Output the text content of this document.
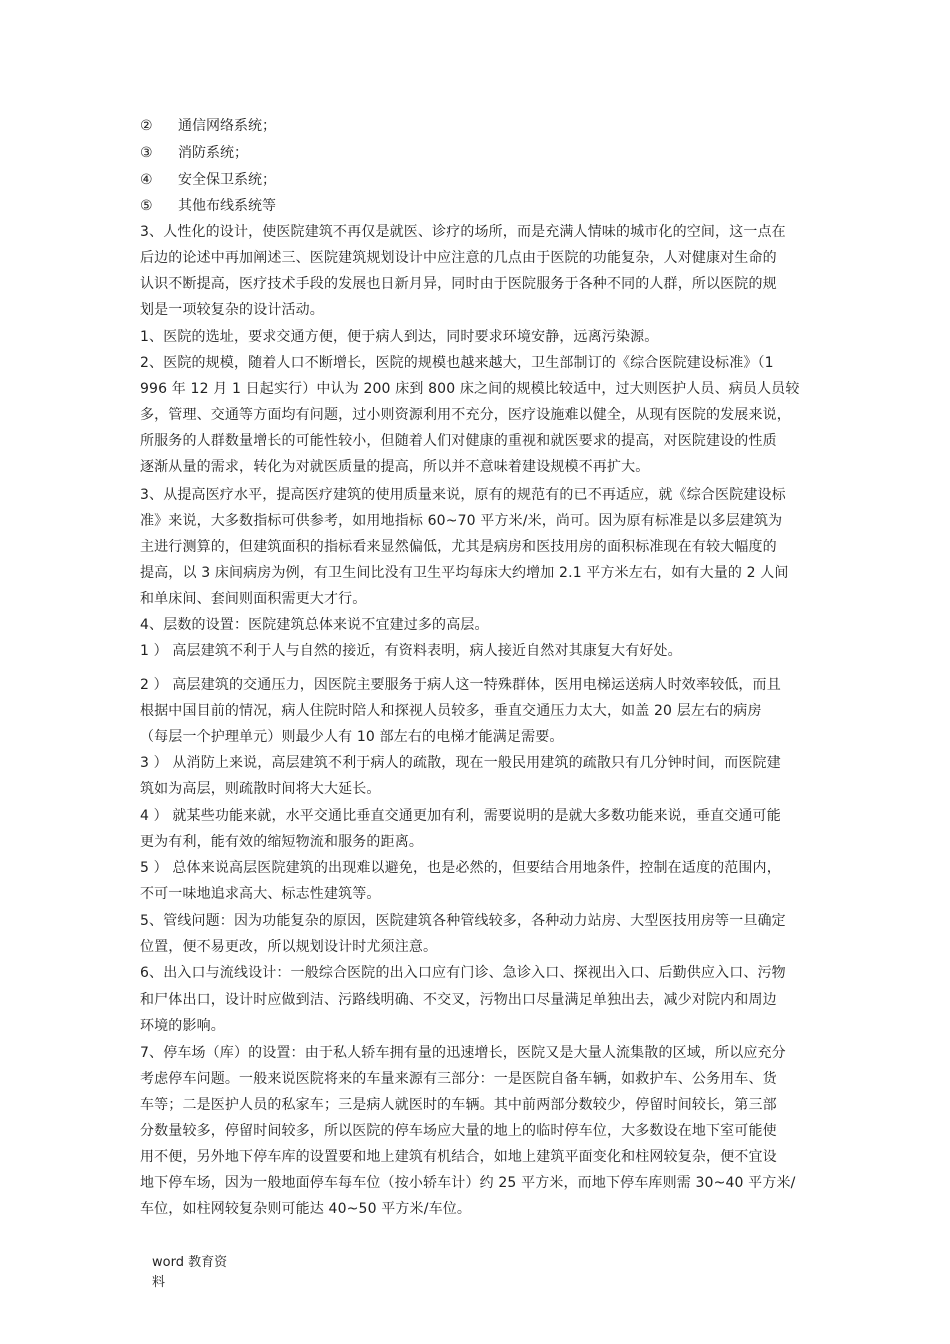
② 通信网络系统；
③ 消防系统；
④ 安全保卫系统；
⑤ 其他布线系统等
3、人性化的设计，使医院建筑不再仅是就医、诊疗的场所，而是充满人情味的城市化的空间，这一点在
后边的论述中再加阐述三、医院建筑规划设计中应注意的几点由于医院的功能复杂，人对健康对生命的
认识不断提高，医疗技术手段的发展也日新月异，同时由于医院服务于各种不同的人群，所以医院的规
划是一项较复杂的设计活动。
1、医院的选址，要求交通方便，便于病人到达，同时要求环境安静，远离污染源。
2、医院的规模，随着人口不断增长，医院的规模也越来越大，卫生部制订的《综合医院建设标准》（1
996 年 12 月 1 日起实行）中认为 200 床到 800 床之间的规模比较适中，过大则医护人员、病员人员较
多，管理、交通等方面均有问题，过小则资源利用不充分，医疗设施难以健全，从现有医院的发展来说，
所服务的人群数量增长的可能性较小，但随着人们对健康的重视和就医要求的提高，对医院建设的性质
逐渐从量的需求，转化为对就医质量的提高，所以并不意味着建设规模不再扩大。
3、从提高医疗水平，提高医疗建筑的使用质量来说，原有的规范有的已不再适应，就《综合医院建设标
准》来说，大多数指标可供参考，如用地指标 60~70 平方米/米，尚可。因为原有标准是以多层建筑为
主进行测算的，但建筑面积的指标看来显然偏低，尤其是病房和医技用房的面积标准现在有较大幅度的
提高，以 3 床间病房为例，有卫生间比没有卫生平均每床大约增加 2.1 平方米左右，如有大量的 2 人间
和单床间、套间则面积需更大才行。
4、层数的设置：医院建筑总体来说不宜建过多的高层。
1 ） 高层建筑不利于人与自然的接近，有资料表明，病人接近自然对其康复大有好处。
2 ） 高层建筑的交通压力，因医院主要服务于病人这一特殊群体，医用电梯运送病人时效率较低，而且
根据中国目前的情况，病人住院时陪人和探视人员较多，垂直交通压力太大，如盖 20 层左右的病房
（每层一个护理单元）则最少人有 10 部左右的电梯才能满足需要。
3 ） 从消防上来说，高层建筑不利于病人的疏散，现在一般民用建筑的疏散只有几分钟时间，而医院建
筑如为高层，则疏散时间将大大延长。
4 ） 就某些功能来就，水平交通比垂直交通更加有利，需要说明的是就大多数功能来说，垂直交通可能
更为有利，能有效的缩短物流和服务的距离。
5 ） 总体来说高层医院建筑的出现难以避免，也是必然的，但要结合用地条件，控制在适度的范围内，
不可一味地追求高大、标志性建筑等。
5、管线问题：因为功能复杂的原因，医院建筑各种管线较多，各种动力站房、大型医技用房等一旦确定
位置，便不易更改，所以规划设计时尤须注意。
6、出入口与流线设计：一般综合医院的出入口应有门诊、急诊入口、探视出入口、后勤供应入口、污物
和尸体出口，设计时应做到洁、污路线明确、不交叉，污物出口尽量满足单独出去，减少对院内和周边
环境的影响。
7、停车场（库）的设置：由于私人轿车拥有量的迅速增长，医院又是大量人流集散的区域，所以应充分
考虑停车问题。一般来说医院将来的车量来源有三部分：一是医院自备车辆，如救护车、公务用车、货
车等；二是医护人员的私家车；三是病人就医时的车辆。其中前两部分数较少，停留时间较长，第三部
分数量较多，停留时间较多，所以医院的停车场应大量的地上的临时停车位，大多数设在地下室可能使
用不便，另外地下停车库的设置要和地上建筑有机结合，如地上建筑平面变化和柱网较复杂，便不宜设
地下停车场，因为一般地面停车每车位（按小轿车计）约 25 平方米，而地下停车库则需 30~40 平方米/
车位，如柱网较复杂则可能达 40~50 平方米/车位。
word 教育资
料
